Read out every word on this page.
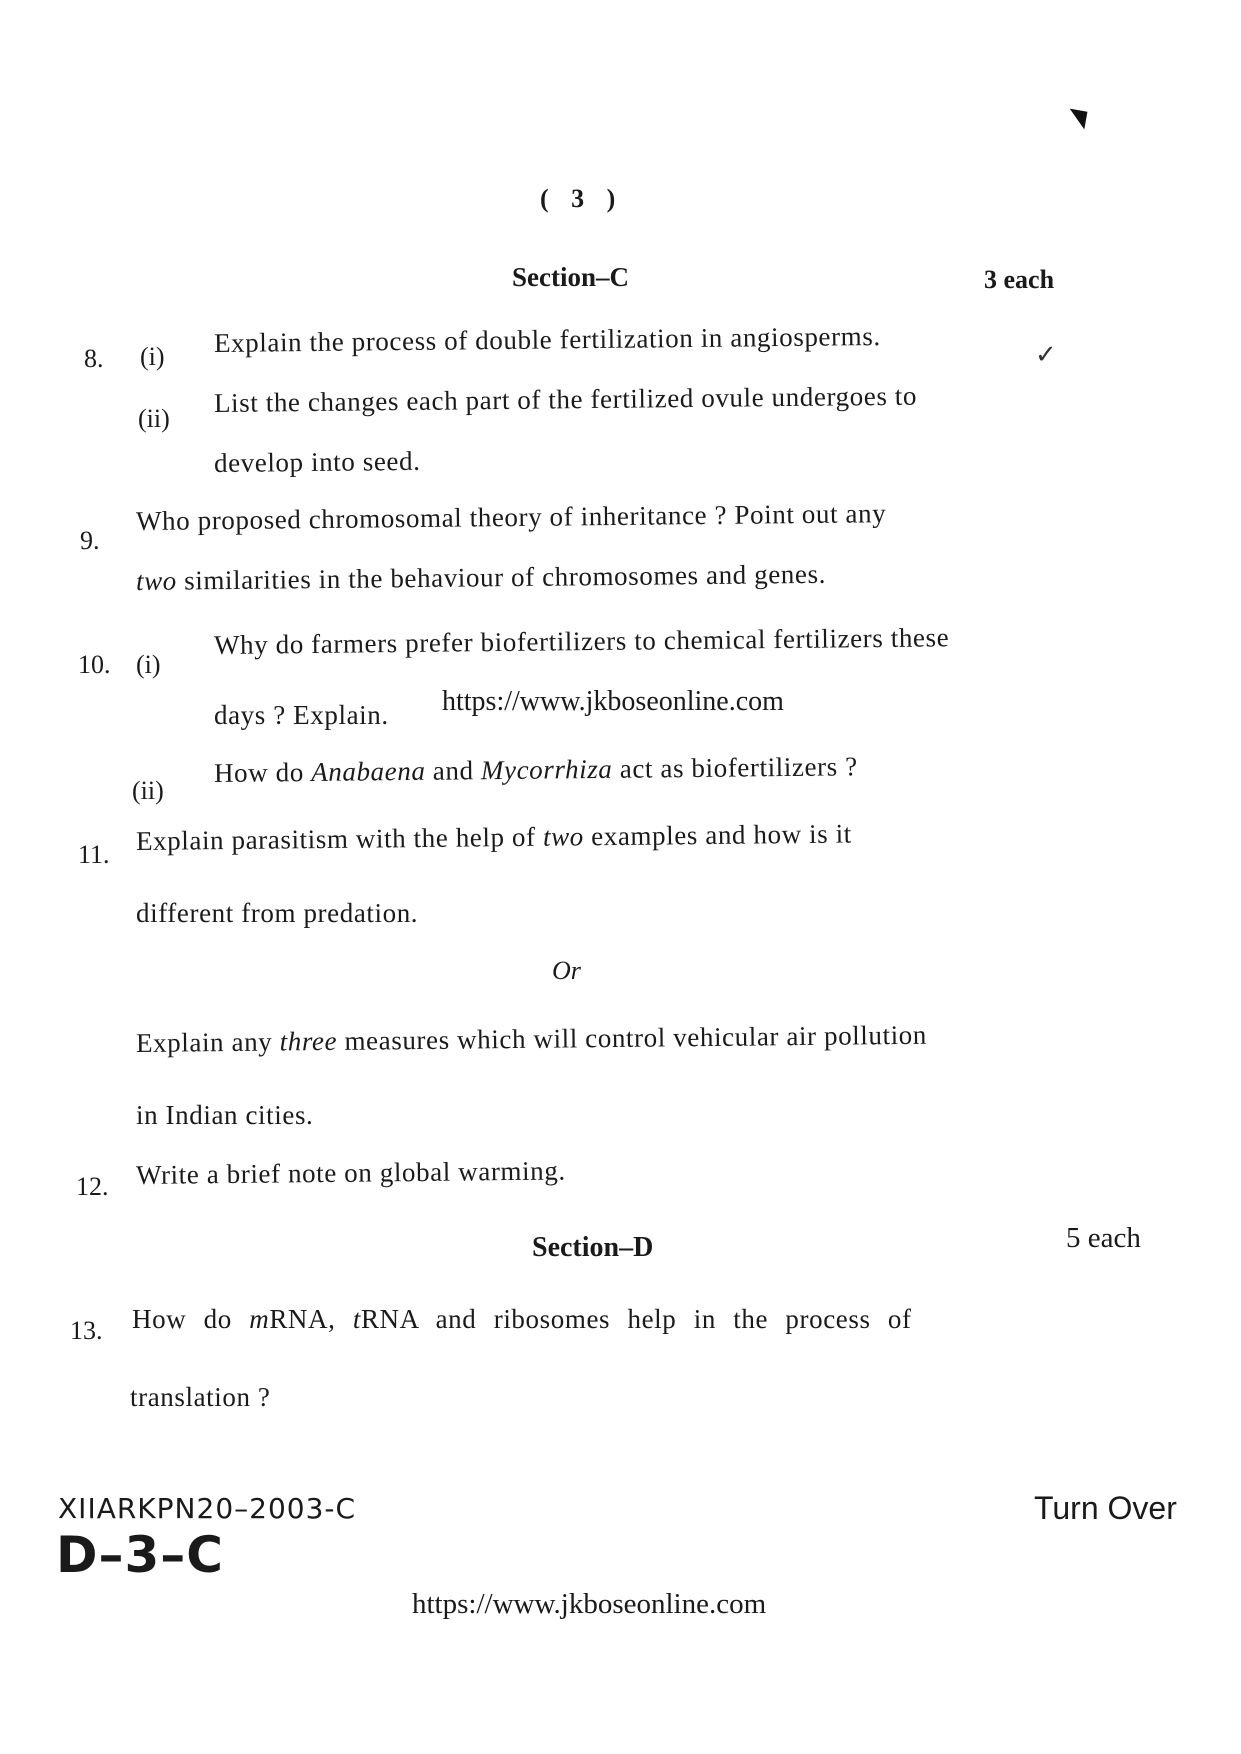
( 3 )
Section–C	3 each
8. (i) Explain the process of double fertilization in angiosperms.	✓
(ii)
List the changes each part of the fertilized ovule undergoes to
develop into seed.
9.
Who proposed chromosomal theory of inheritance ? Point out any
two similarities in the behaviour of chromosomes and genes.
10. (i)
Why do farmers prefer biofertilizers to chemical fertilizers these
days ? Explain. https://www.jkboseonline.com
(ii)
How do Anabaena and Mycorrhiza act as biofertilizers ?
11. Explain parasitism with the help of two examples and how is it
different from predation.
Or
Explain any three measures which will control vehicular air pollution
in Indian cities.
12. Write a brief note on global warming.
Section–D	5 each
13. How do mRNA, tRNA and ribosomes help in the process of
translation ?
XIIARKPN20–2003-C
D–3–C
Turn Over
https://www.jkboseonline.com
